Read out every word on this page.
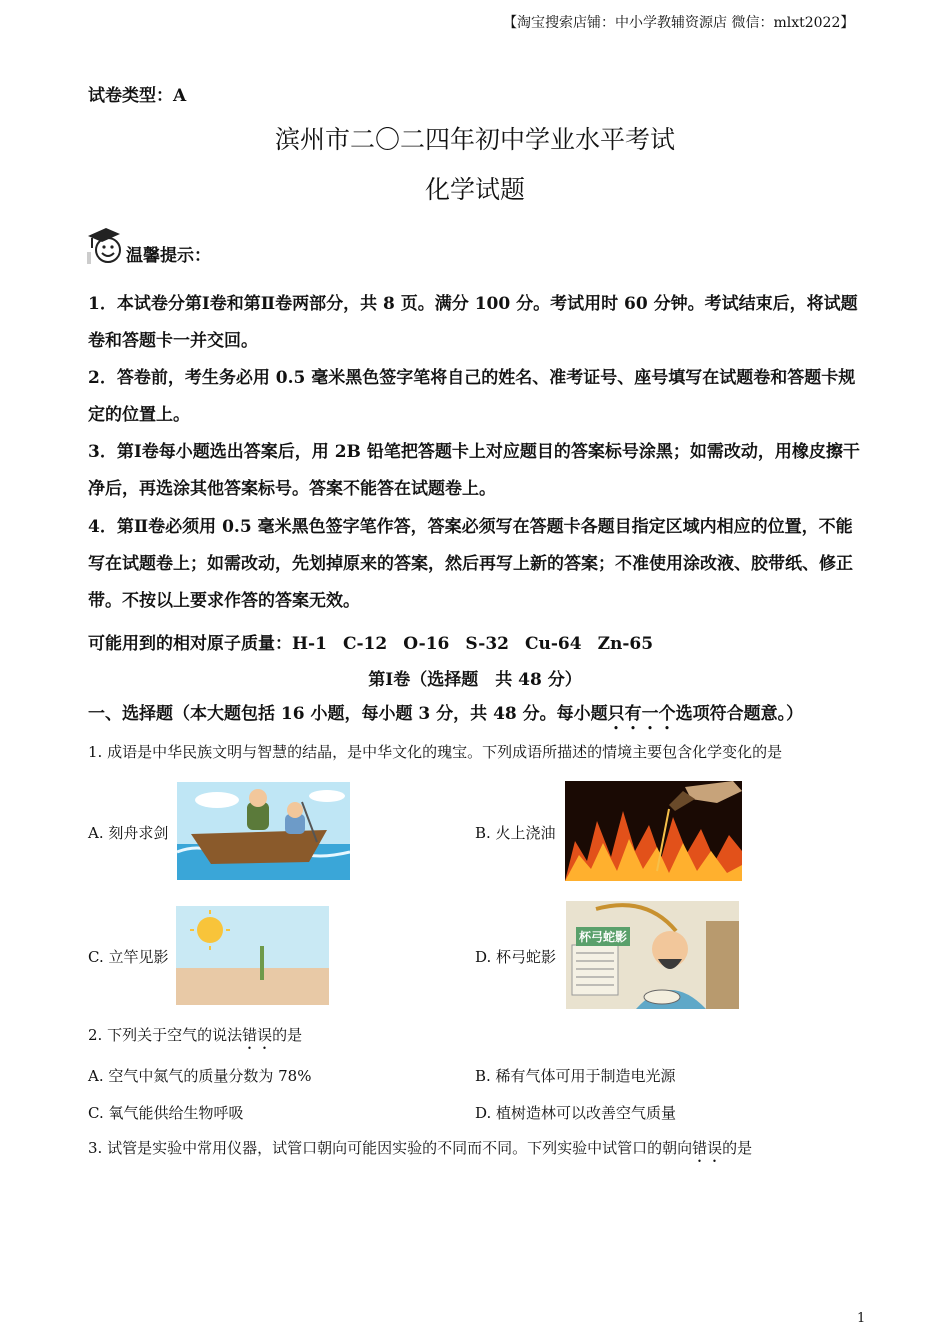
【淘宝搜索店铺：中小学教辅资源店 微信：mlxt2022】
试卷类型：A
滨州市二〇二四年初中学业水平考试
化学试题
温馨提示：
1．本试卷分第Ⅰ卷和第Ⅱ卷两部分，共 8 页。满分 100 分。考试用时 60 分钟。考试结束后，将试题卷和答题卡一并交回。
2．答卷前，考生务必用 0.5 毫米黑色签字笔将自己的姓名、准考证号、座号填写在试题卷和答题卡规定的位置上。
3．第Ⅰ卷每小题选出答案后，用 2B 铅笔把答题卡上对应题目的答案标号涂黑；如需改动，用橡皮擦干净后，再选涂其他答案标号。答案不能答在试题卷上。
4．第Ⅱ卷必须用 0.5 毫米黑色签字笔作答，答案必须写在答题卡各题目指定区域内相应的位置，不能写在试题卷上；如需改动，先划掉原来的答案，然后再写上新的答案；不准使用涂改液、胶带纸、修正带。不按以上要求作答的答案无效。
可能用到的相对原子质量：H-1 C-12 O-16 S-32 Cu-64 Zn-65
第Ⅰ卷（选择题　共 48 分）
一、选择题（本大题包括 16 小题，每小题 3 分，共 48 分。每小题只有一个选项符合题意。）
1. 成语是中华民族文明与智慧的结晶，是中华文化的瑰宝。下列成语所描述的情境主要包含化学变化的是
A. 刻舟求剑	B. 火上浇油
C. 立竿见影	D. 杯弓蛇影
杯弓蛇影
2. 下列关于空气的说法错误的是
A. 空气中氮气的质量分数为 78%	B. 稀有气体可用于制造电光源
C. 氧气能供给生物呼吸	D. 植树造林可以改善空气质量
3. 试管是实验中常用仪器，试管口朝向可能因实验的不同而不同。下列实验中试管口的朝向错误的是
1
